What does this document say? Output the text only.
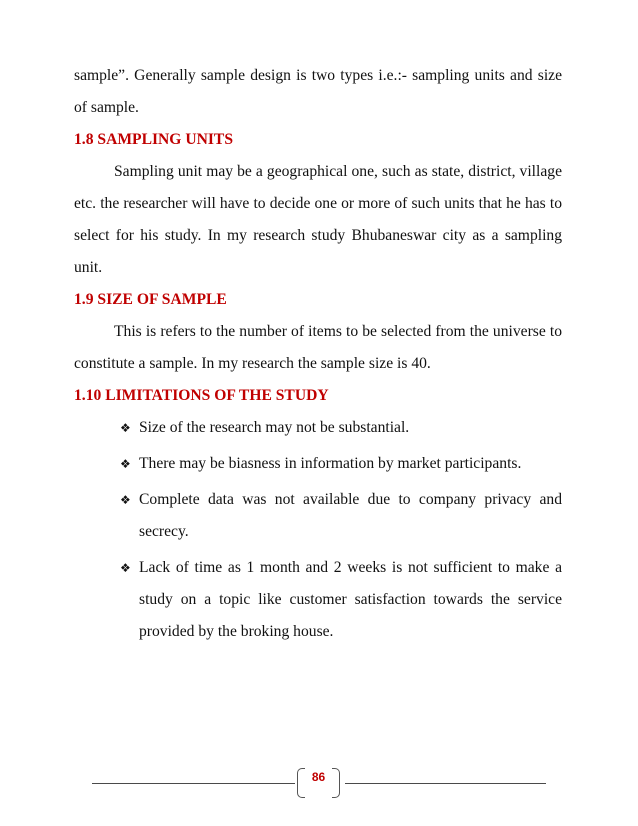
sample”. Generally sample design is two types i.e.:- sampling units and size of sample.

1.8 SAMPLING UNITS

Sampling unit may be a geographical one, such as state, district, village etc. the researcher will have to decide one or more of such units that he has to select for his study. In my research study Bhubaneswar city as a sampling unit.

1.9 SIZE OF SAMPLE

This is refers to the number of items to be selected from the universe to constitute a sample. In my research the sample size is 40.

1.10 LIMITATIONS OF THE STUDY
❖ Size of the research may not be substantial.
❖ There may be biasness in information by market participants.
❖ Complete data was not available due to company privacy and secrecy.
❖ Lack of time as 1 month and 2 weeks is not sufficient to make a study on a topic like customer satisfaction towards the service provided by the broking house.
86
